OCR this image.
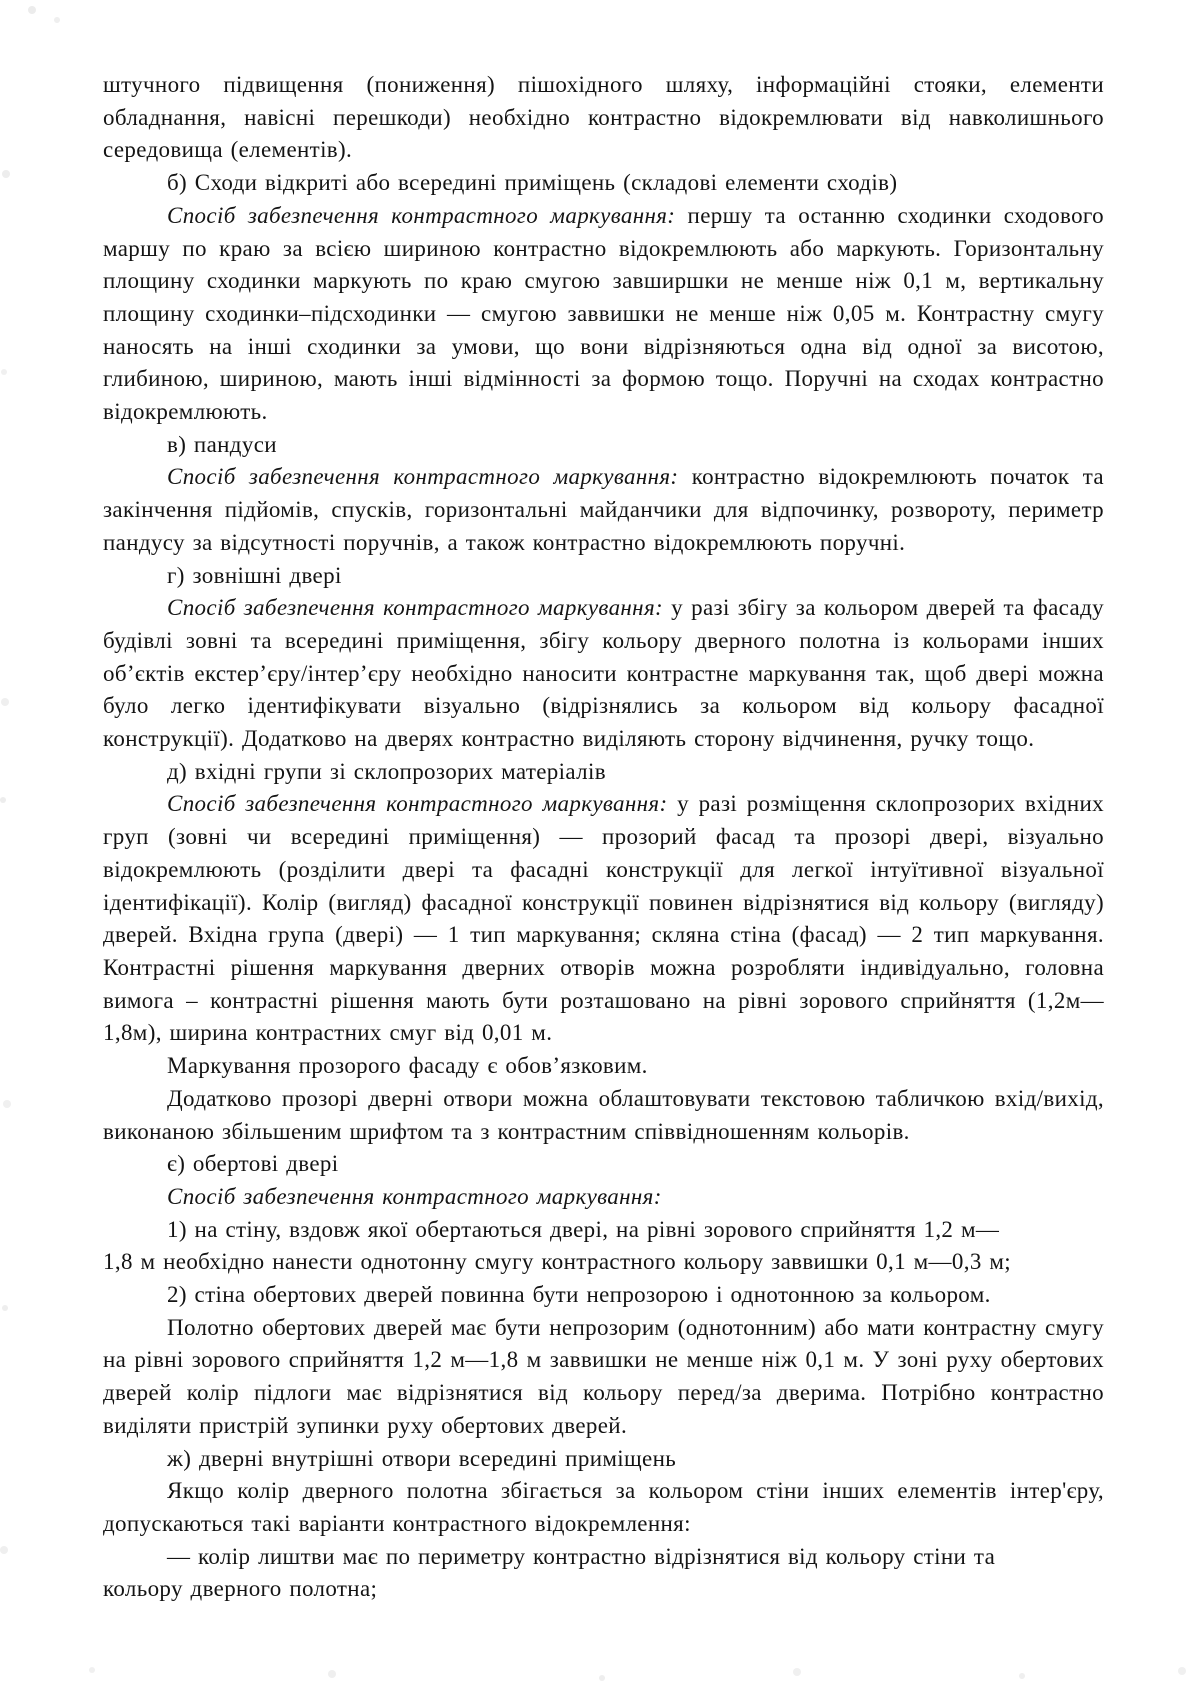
штучного підвищення (пониження) пішохідного шляху, інформаційні стояки, елементи обладнання, навісні перешкоди) необхідно контрастно відокремлювати від навколишнього середовища (елементів).

б) Сходи відкриті або всередині приміщень (складові елементи сходів)

Спосіб забезпечення контрастного маркування: першу та останню сходинки сходового маршу по краю за всією шириною контрастно відокремлюють або маркують. Горизонтальну площину сходинки маркують по краю смугою завширшки не менше ніж 0,1 м, вертикальну площину сходинки–підсходинки — смугою заввишки не менше ніж 0,05 м. Контрастну смугу наносять на інші сходинки за умови, що вони відрізняються одна від одної за висотою, глибиною, шириною, мають інші відмінності за формою тощо. Поручні на сходах контрастно відокремлюють.

в) пандуси

Спосіб забезпечення контрастного маркування: контрастно відокремлюють початок та закінчення підйомів, спусків, горизонтальні майданчики для відпочинку, розвороту, периметр пандусу за відсутності поручнів, а також контрастно відокремлюють поручні.

г) зовнішні двері

Спосіб забезпечення контрастного маркування: у разі збігу за кольором дверей та фасаду будівлі зовні та всередині приміщення, збігу кольору дверного полотна із кольорами інших об’єктів екстер’єру/інтер’єру необхідно наносити контрастне маркування так, щоб двері можна було легко ідентифікувати візуально (відрізнялись за кольором від кольору фасадної конструкції). Додатково на дверях контрастно виділяють сторону відчинення, ручку тощо.

д) вхідні групи зі склопрозорих матеріалів

Спосіб забезпечення контрастного маркування: у разі розміщення склопрозорих вхідних груп (зовні чи всередині приміщення) — прозорий фасад та прозорі двері, візуально відокремлюють (розділити двері та фасадні конструкції для легкої інтуїтивної візуальної ідентифікації). Колір (вигляд) фасадної конструкції повинен відрізнятися від кольору (вигляду) дверей. Вхідна група (двері) — 1 тип маркування; скляна стіна (фасад) — 2 тип маркування. Контрастні рішення маркування дверних отворів можна розробляти індивідуально, головна вимога – контрастні рішення мають бути розташовано на рівні зорового сприйняття (1,2м—1,8м), ширина контрастних смуг від 0,01 м.

Маркування прозорого фасаду є обов’язковим.

Додатково прозорі дверні отвори можна облаштовувати текстовою табличкою вхід/вихід, виконаною збільшеним шрифтом та з контрастним співвідношенням кольорів.

є) обертові двері

Спосіб забезпечення контрастного маркування:

1) на стіну, вздовж якої обертаються двері, на рівні зорового сприйняття 1,2 м—
1,8 м необхідно нанести однотонну смугу контрастного кольору заввишки 0,1 м—0,3 м;

2) стіна обертових дверей повинна бути непрозорою і однотонною за кольором.

Полотно обертових дверей має бути непрозорим (однотонним) або мати контрастну смугу на рівні зорового сприйняття 1,2 м—1,8 м заввишки не менше ніж 0,1 м. У зоні руху обертових дверей колір підлоги має відрізнятися від кольору перед/за дверима. Потрібно контрастно виділяти пристрій зупинки руху обертових дверей.

ж) дверні внутрішні отвори всередині приміщень

Якщо колір дверного полотна збігається за кольором стіни інших елементів інтер'єру, допускаються такі варіанти контрастного відокремлення:

— колір лиштви має по периметру контрастно відрізнятися від кольору стіни та
кольору дверного полотна;
